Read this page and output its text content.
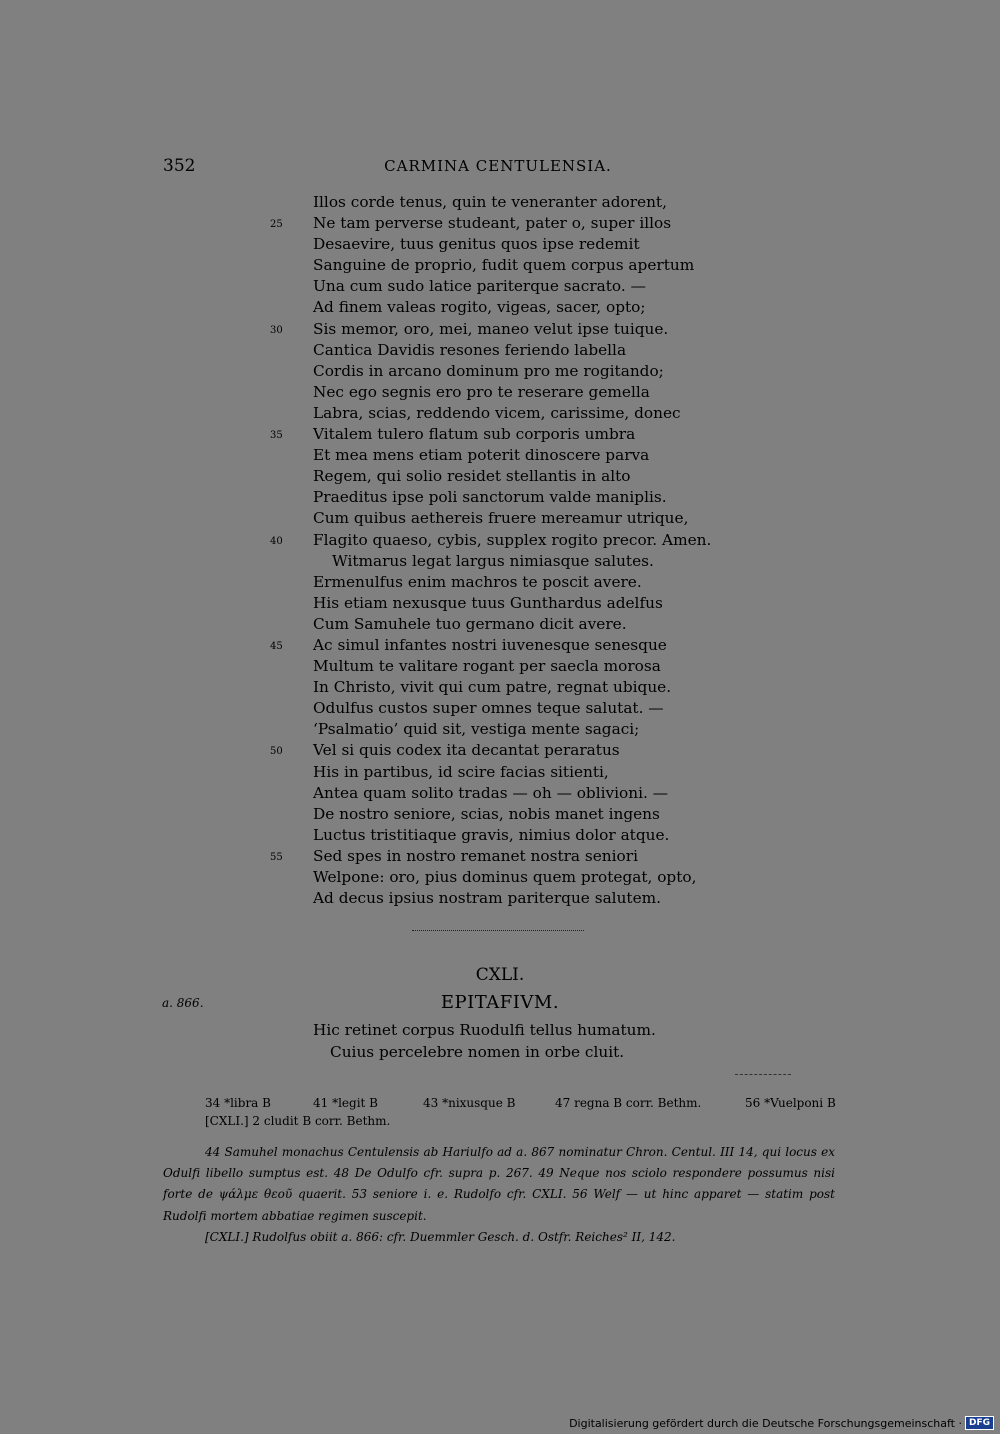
352	CARMINA CENTULENSIA.
Illos corde tenus, quin te veneranter adorent,
25	Ne tam perverse studeant, pater o, super illos
Desaevire, tuus genitus quos ipse redemit
Sanguine de proprio, fudit quem corpus apertum
Una cum sudo latice pariterque sacrato. —
Ad finem valeas rogito, vigeas, sacer, opto;
30	Sis memor, oro, mei, maneo velut ipse tuique.
Cantica Davidis resones feriendo labella
Cordis in arcano dominum pro me rogitando;
Nec ego segnis ero pro te reserare gemella
Labra, scias, reddendo vicem, carissime, donec
35	Vitalem tulero flatum sub corporis umbra
Et mea mens etiam poterit dinoscere parva
Regem, qui solio residet stellantis in alto
Praeditus ipse poli sanctorum valde maniplis.
Cum quibus aethereis fruere mereamur utrique,
40	Flagito quaeso, cybis, supplex rogito precor. Amen.
Witmarus legat largus nimiasque salutes.
Ermenulfus enim machros te poscit avere.
His etiam nexusque tuus Gunthardus adelfus
Cum Samuhele tuo germano dicit avere.
45	Ac simul infantes nostri iuvenesque senesque
Multum te valitare rogant per saecla morosa
In Christo, vivit qui cum patre, regnat ubique.
Odulfus custos super omnes teque salutat. —
‘Psalmatio’ quid sit, vestiga mente sagaci;
50	Vel si quis codex ita decantat peraratus
His in partibus, id scire facias sitienti,
Antea quam solito tradas — oh — oblivioni. —
De nostro seniore, scias, nobis manet ingens
Luctus tristitiaque gravis, nimius dolor atque.
55	Sed spes in nostro remanet nostra seniori
Welpone: oro, pius dominus quem protegat, opto,
Ad decus ipsius nostram pariterque salutem.
CXLI.
a. 866.	EPITAFIVM.
Hic retinet corpus Ruodulfi tellus humatum.
Cuius percelebre nomen in orbe cluit.
34 *libra B	41 *legit B	43 *nixusque B	47 regna B corr. Bethm.	56 *Vuelponi B
[CXLI.] 2 cludit B corr. Bethm.

44 Samuhel monachus Centulensis ab Hariulfo ad a. 867 nominatur Chron. Centul. III 14, qui locus ex Odulfi libello sumptus est. 48 De Odulfo cfr. supra p. 267. 49 Neque nos sciolo respondere possumus nisi forte de ψάλμε θεοῦ quaerit. 53 seniore i. e. Rudolfo cfr. CXLI. 56 Welf — ut hinc apparet — statim post Rudolfi mortem abbatiae regimen suscepit.

[CXLI.] Rudolfus obiit a. 866: cfr. Duemmler Gesch. d. Ostfr. Reiches² II, 142.

Digitalisierung gefördert durch die Deutsche Forschungsgemeinschaft · DFG
